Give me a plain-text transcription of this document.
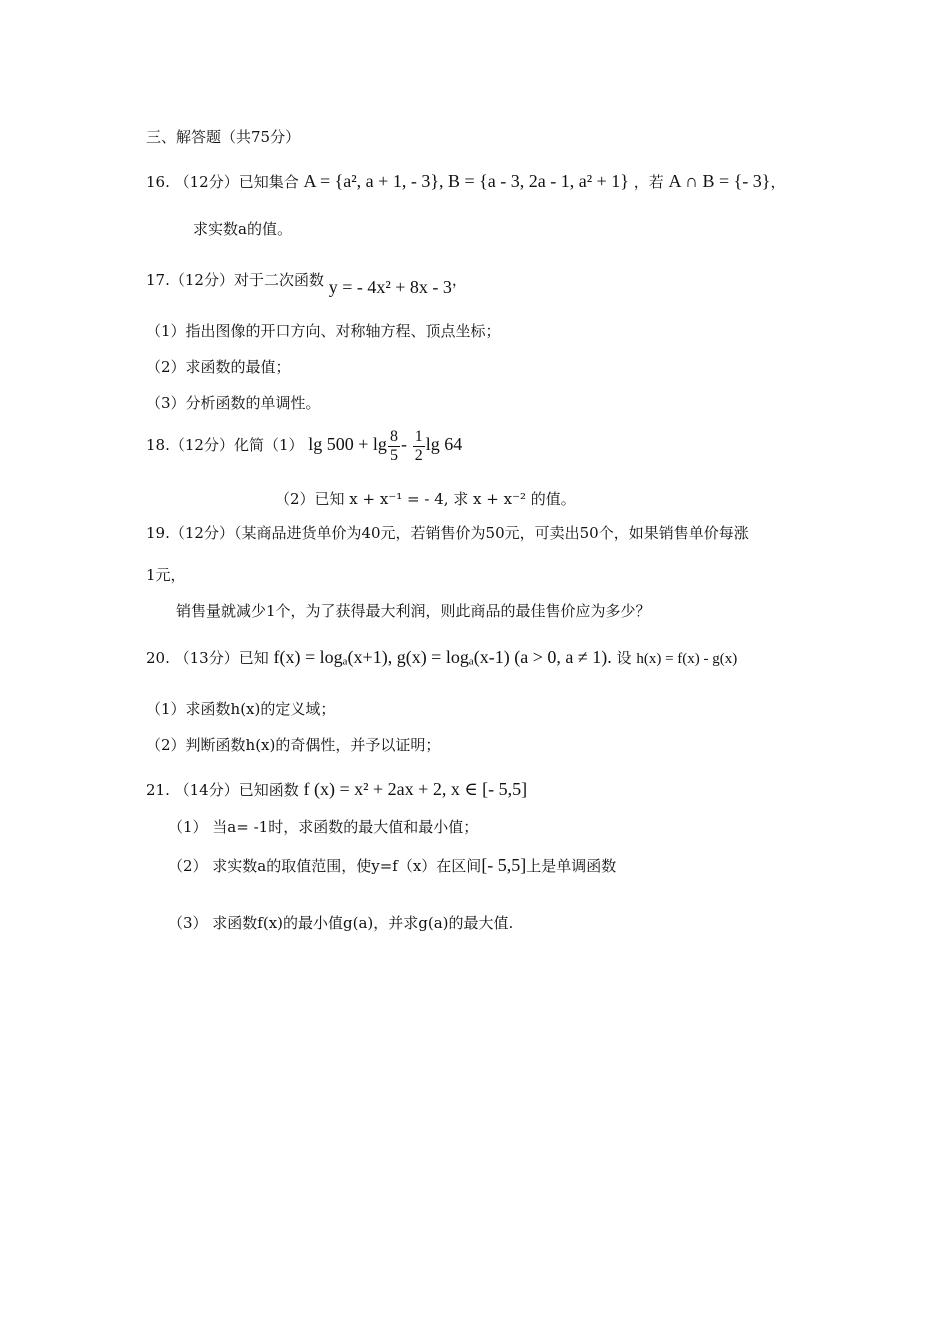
三、解答题（共75分）
16. （12分）已知集合 A = {a², a + 1, - 3}, B = {a - 3, 2a - 1, a² + 1} ，若 A ∩ B = {- 3}，
求实数a的值。
17.（12分）对于二次函数 y = - 4x² + 8x - 3，
（1）指出图像的开口方向、对称轴方程、顶点坐标；
（2）求函数的最值；
（3）分析函数的单调性。
18.（12分）化简（1） $\lg 500 + \lg \frac{8}{5} - \frac{1}{2}$ lg 64
（2）已知 x + x⁻¹ = - 4, 求 x + x⁻² 的值。
19.（12分）（某商品进货单价为40元，若销售价为50元，可卖出50个，如果销售单价每涨
1元，
销售量就减少1个，为了获得最大利润，则此商品的最佳售价应为多少？
20. （13分）已知 f(x) = logₐ(x+1), g(x) = logₐ(x-1) (a > 0, a ≠ 1). 设 h(x) = f(x) - g(x)
（1）求函数h(x)的定义域；
（2）判断函数h(x)的奇偶性，并予以证明；
21. （14分）已知函数 f (x) = x² + 2ax + 2, x ∈ [- 5,5]
（1） 当a= -1时，求函数的最大值和最小值；
（2） 求实数a的取值范围，使y=f（x）在区间[- 5,5]上是单调函数
（3） 求函数f(x)的最小值g(a)，并求g(a)的最大值.
